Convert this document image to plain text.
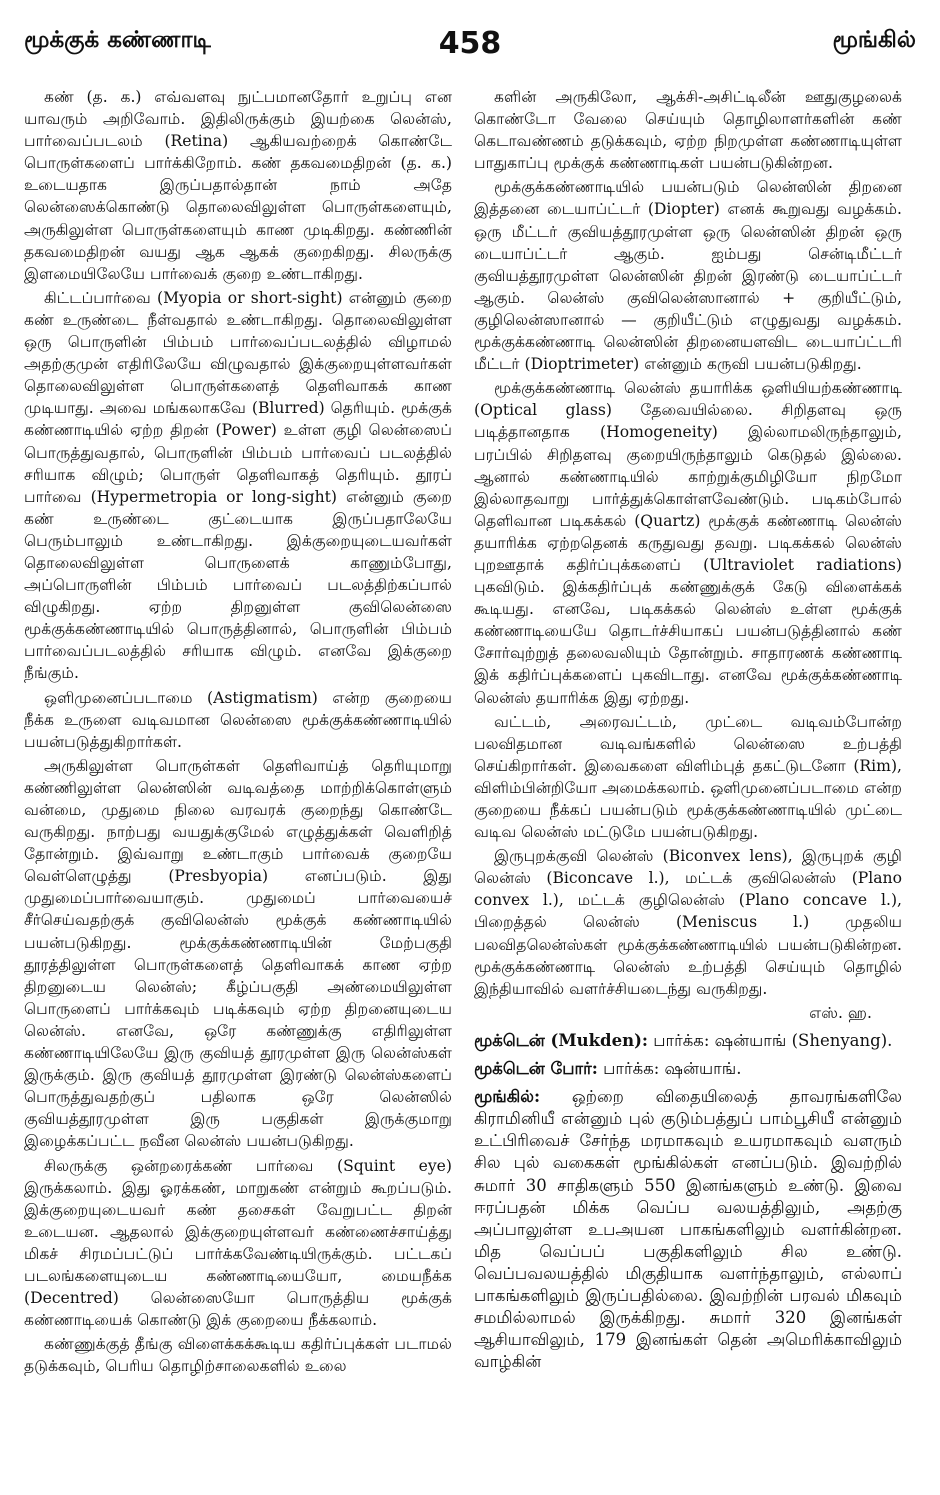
மூக்குக் கண்ணாடி	458	மூங்கில்

கண் (த. க.) எவ்வளவு நுட்பமானதோர் உறுப்பு என யாவரும் அறிவோம். இதிலிருக்கும் இயற்கை லென்ஸ், பார்வைப்படலம் (Retina) ஆகியவற்றைக் கொண்டே பொருள்களைப் பார்க்கிறோம். கண் தகவமைதிறன் (த. க.) உடையதாக இருப்பதால்தான் நாம் அதே லென்ஸைக்கொண்டு தொலைவிலுள்ள பொருள்களையும், அருகிலுள்ள பொருள்களையும் காண முடிகிறது. கண்ணின் தகவமைதிறன் வயது ஆக ஆகக் குறைகிறது. சிலருக்கு இளமையிலேயே பார்வைக் குறை உண்டாகிறது.

கிட்டப்பார்வை (Myopia or short-sight) என்னும் குறை கண் உருண்டை நீள்வதால் உண்டாகிறது. தொலைவிலுள்ள ஒரு பொருளின் பிம்பம் பார்வைப்படலத்தில் விழாமல் அதற்குமுன் எதிரிலேயே விழுவதால் இக்குறையுள்ளவர்கள் தொலைவிலுள்ள பொருள்களைத் தெளிவாகக் காண முடியாது. அவை மங்கலாகவே (Blurred) தெரியும். மூக்குக் கண்ணாடியில் ஏற்ற திறன் (Power) உள்ள குழி லென்ஸைப் பொருத்துவதால், பொருளின் பிம்பம் பார்வைப் படலத்தில் சரியாக விழும்; பொருள் தெளிவாகத் தெரியும். தூரப் பார்வை (Hypermetropia or long-sight) என்னும் குறை கண் உருண்டை குட்டையாக இருப்பதாலேயே பெரும்பாலும் உண்டாகிறது. இக்குறையுடையவர்கள் தொலைவிலுள்ள பொருளைக் காணும்போது, அப்பொருளின் பிம்பம் பார்வைப் படலத்திற்கப்பால் விழுகிறது. ஏற்ற திறனுள்ள குவிலென்ஸை மூக்குக்கண்ணாடியில் பொருத்தினால், பொருளின் பிம்பம் பார்வைப்படலத்தில் சரியாக விழும். எனவே இக்குறை நீங்கும்.

ஒளிமுனைப்படாமை (Astigmatism) என்ற குறையை நீக்க உருளை வடிவமான லென்ஸை மூக்குக்கண்ணாடியில் பயன்படுத்துகிறார்கள்.

அருகிலுள்ள பொருள்கள் தெளிவாய்த் தெரியுமாறு கண்ணிலுள்ள லென்ஸின் வடிவத்தை மாற்றிக்கொள்ளும் வன்மை, முதுமை நிலை வரவரக் குறைந்து கொண்டே வருகிறது. நாற்பது வயதுக்குமேல் எழுத்துக்கள் வெளிறித் தோன்றும். இவ்வாறு உண்டாகும் பார்வைக் குறையே வெள்ளெழுத்து (Presbyopia) எனப்படும். இது முதுமைப்பார்வையாகும். முதுமைப் பார்வையைச் சீர்செய்வதற்குக் குவிலென்ஸ் மூக்குக் கண்ணாடியில் பயன்படுகிறது. மூக்குக்கண்ணாடியின் மேற்பகுதி தூரத்திலுள்ள பொருள்களைத் தெளிவாகக் காண ஏற்ற திறனுடைய லென்ஸ்; கீழ்ப்பகுதி அண்மையிலுள்ள பொருளைப் பார்க்கவும் படிக்கவும் ஏற்ற திறனையுடைய லென்ஸ். எனவே, ஒரே கண்ணுக்கு எதிரிலுள்ள கண்ணாடியிலேயே இரு குவியத் தூரமுள்ள இரு லென்ஸ்கள் இருக்கும். இரு குவியத் தூரமுள்ள இரண்டு லென்ஸ்களைப் பொருத்துவதற்குப் பதிலாக ஒரே லென்ஸில் குவியத்தூரமுள்ள இரு பகுதிகள் இருக்குமாறு இழைக்கப்பட்ட நவீன லென்ஸ் பயன்படுகிறது.

சிலருக்கு ஒன்றரைக்கண் பார்வை (Squint eye) இருக்கலாம். இது ஓரக்கண், மாறுகண் என்றும் கூறப்படும். இக்குறையுடையவர் கண் தசைகள் வேறுபட்ட திறன் உடையன. ஆதலால் இக்குறையுள்ளவர் கண்ணைச்சாய்த்து மிகச் சிரமப்பட்டுப் பார்க்கவேண்டியிருக்கும். பட்டகப் படலங்களையுடைய கண்ணாடியையோ, மையநீக்க (Decentred) லென்ஸையோ பொருத்திய மூக்குக் கண்ணாடியைக் கொண்டு இக் குறையை நீக்கலாம்.

கண்ணுக்குத் தீங்கு விளைக்கக்கூடிய கதிர்ப்புக்கள் படாமல் தடுக்கவும், பெரிய தொழிற்சாலைகளில் உலை

களின் அருகிலோ, ஆக்சி-அசிட்டிலீன் ஊதுகுழலைக் கொண்டோ வேலை செய்யும் தொழிலாளர்களின் கண் கெடாவண்ணம் தடுக்கவும், ஏற்ற நிறமுள்ள கண்ணாடியுள்ள பாதுகாப்பு மூக்குக் கண்ணாடிகள் பயன்படுகின்றன.

மூக்குக்கண்ணாடியில் பயன்படும் லென்ஸின் திறனை இத்தனை டையாப்ட்டர் (Diopter) எனக் கூறுவது வழக்கம். ஒரு மீட்டர் குவியத்தூரமுள்ள ஒரு லென்ஸின் திறன் ஒரு டையாப்ட்டர் ஆகும். ஐம்பது சென்டிமீட்டர் குவியத்தூரமுள்ள லென்ஸின் திறன் இரண்டு டையாப்ட்டர் ஆகும். லென்ஸ் குவிலென்ஸானால் + குறியீட்டும், குழிலென்ஸானால் — குறியீட்டும் எழுதுவது வழக்கம். மூக்குக்கண்ணாடி லென்ஸின் திறனையளவிட டையாப்ட்டரி மீட்டர் (Dioptrimeter) என்னும் கருவி பயன்படுகிறது.

மூக்குக்கண்ணாடி லென்ஸ் தயாரிக்க ஒளியியற்கண்ணாடி (Optical glass) தேவையில்லை. சிறிதளவு ஒரு படித்தானதாக (Homogeneity) இல்லாமலிருந்தாலும், பரப்பில் சிறிதளவு குறையிருந்தாலும் கெடுதல் இல்லை. ஆனால் கண்ணாடியில் காற்றுக்குமிழியோ நிறமோ இல்லாதவாறு பார்த்துக்கொள்ளவேண்டும். படிகம்போல் தெளிவான படிகக்கல் (Quartz) மூக்குக் கண்ணாடி லென்ஸ் தயாரிக்க ஏற்றதெனக் கருதுவது தவறு. படிகக்கல் லென்ஸ் புறஊதாக் கதிர்ப்புக்களைப் (Ultraviolet radiations) புகவிடும். இக்கதிர்ப்புக் கண்ணுக்குக் கேடு விளைக்கக் கூடியது. எனவே, படிகக்கல் லென்ஸ் உள்ள மூக்குக் கண்ணாடியையே தொடர்ச்சியாகப் பயன்படுத்தினால் கண் சோர்வுற்றுத் தலைவலியும் தோன்றும். சாதாரணக் கண்ணாடி இக் கதிர்ப்புக்களைப் புகவிடாது. எனவே மூக்குக்கண்ணாடி லென்ஸ் தயாரிக்க இது ஏற்றது.

வட்டம், அரைவட்டம், முட்டை வடிவம்போன்ற பலவிதமான வடிவங்களில் லென்ஸை உற்பத்தி செய்கிறார்கள். இவைகளை விளிம்புத் தகட்டுடனோ (Rim), விளிம்பின்றியோ அமைக்கலாம். ஒளிமுனைப்படாமை என்ற குறையை நீக்கப் பயன்படும் மூக்குக்கண்ணாடியில் முட்டை வடிவ லென்ஸ் மட்டுமே பயன்படுகிறது.

இருபுறக்குவி லென்ஸ் (Biconvex lens), இருபுறக் குழி லென்ஸ் (Biconcave l.), மட்டக் குவிலென்ஸ் (Plano convex l.), மட்டக் குழிலென்ஸ் (Plano concave l.), பிறைத்தல் லென்ஸ் (Meniscus l.) முதலிய பலவிதலென்ஸ்கள் மூக்குக்கண்ணாடியில் பயன்படுகின்றன. மூக்குக்கண்ணாடி லென்ஸ் உற்பத்தி செய்யும் தொழில் இந்தியாவில் வளர்ச்சியடைந்து வருகிறது.

எஸ். ஹ.

மூக்டென் (Mukden): பார்க்க: ஷன்யாங் (Shenyang).

மூக்டென் போர்: பார்க்க: ஷன்யாங்.

மூங்கில்: ஒற்றை விதையிலைத் தாவரங்களிலே கிராமினியீ என்னும் புல் குடும்பத்துப் பாம்பூசியீ என்னும் உட்பிரிவைச் சேர்ந்த மரமாகவும் உயரமாகவும் வளரும் சில புல் வகைகள் மூங்கில்கள் எனப்படும். இவற்றில் சுமார் 30 சாதிகளும் 550 இனங்களும் உண்டு. இவை ஈரப்பதன் மிக்க வெப்ப வலயத்திலும், அதற்கு அப்பாலுள்ள உபஅயன பாகங்களிலும் வளர்கின்றன. மித வெப்பப் பகுதிகளிலும் சில உண்டு. வெப்பவலயத்தில் மிகுதியாக வளர்ந்தாலும், எல்லாப் பாகங்களிலும் இருப்பதில்லை. இவற்றின் பரவல் மிகவும் சமமில்லாமல் இருக்கிறது. சுமார் 320 இனங்கள் ஆசியாவிலும், 179 இனங்கள் தென் அமெரிக்காவிலும் வாழ்கின்
